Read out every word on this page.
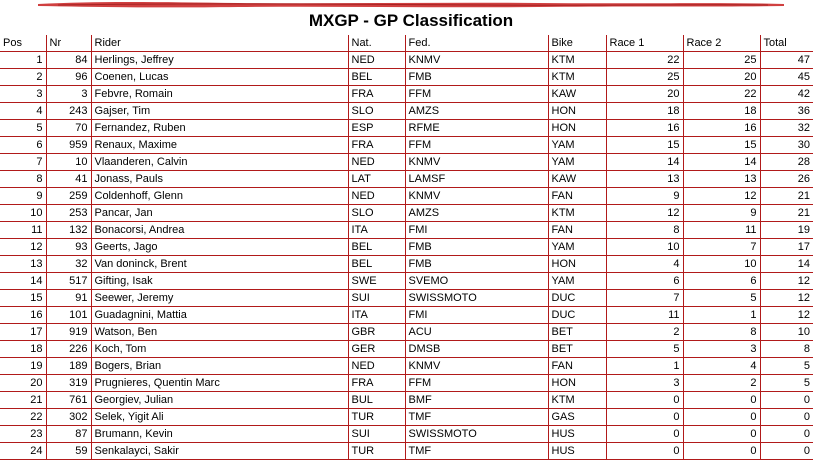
MXGP - GP Classification
Pos	Nr	Rider	Nat.	Fed.	Bike	Race 1	Race 2	Total
1	84	Herlings, Jeffrey	NED	KNMV	KTM	22	25	47
2	96	Coenen, Lucas	BEL	FMB	KTM	25	20	45
3	3	Febvre, Romain	FRA	FFM	KAW	20	22	42
4	243	Gajser, Tim	SLO	AMZS	HON	18	18	36
5	70	Fernandez, Ruben	ESP	RFME	HON	16	16	32
6	959	Renaux, Maxime	FRA	FFM	YAM	15	15	30
7	10	Vlaanderen, Calvin	NED	KNMV	YAM	14	14	28
8	41	Jonass, Pauls	LAT	LAMSF	KAW	13	13	26
9	259	Coldenhoff, Glenn	NED	KNMV	FAN	9	12	21
10	253	Pancar, Jan	SLO	AMZS	KTM	12	9	21
11	132	Bonacorsi, Andrea	ITA	FMI	FAN	8	11	19
12	93	Geerts, Jago	BEL	FMB	YAM	10	7	17
13	32	Van doninck, Brent	BEL	FMB	HON	4	10	14
14	517	Gifting, Isak	SWE	SVEMO	YAM	6	6	12
15	91	Seewer, Jeremy	SUI	SWISSMOTO	DUC	7	5	12
16	101	Guadagnini, Mattia	ITA	FMI	DUC	11	1	12
17	919	Watson, Ben	GBR	ACU	BET	2	8	10
18	226	Koch, Tom	GER	DMSB	BET	5	3	8
19	189	Bogers, Brian	NED	KNMV	FAN	1	4	5
20	319	Prugnieres, Quentin Marc	FRA	FFM	HON	3	2	5
21	761	Georgiev, Julian	BUL	BMF	KTM	0	0	0
22	302	Selek, Yigit Ali	TUR	TMF	GAS	0	0	0
23	87	Brumann, Kevin	SUI	SWISSMOTO	HUS	0	0	0
24	59	Senkalayci, Sakir	TUR	TMF	HUS	0	0	0
